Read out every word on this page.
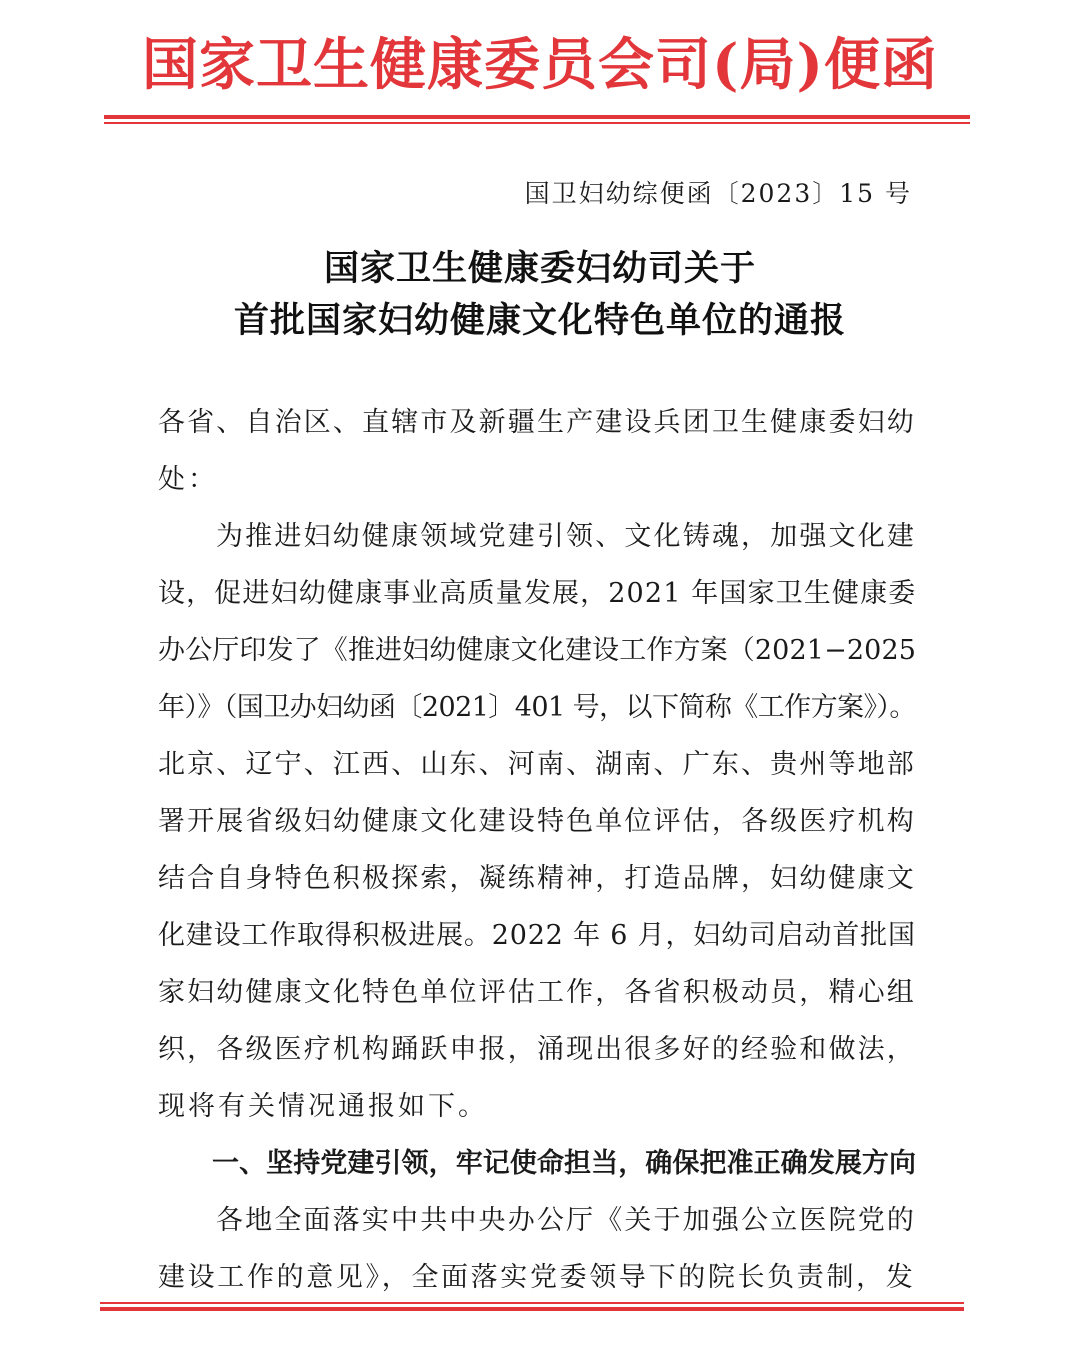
国家卫生健康委员会司(局)便函
国卫妇幼综便函〔2023〕15 号
国家卫生健康委妇幼司关于
首批国家妇幼健康文化特色单位的通报
各省、自治区、直辖市及新疆生产建设兵团卫生健康委妇幼
处：
为推进妇幼健康领域党建引领、文化铸魂，加强文化建
设，促进妇幼健康事业高质量发展，2021 年国家卫生健康委
办公厅印发了《推进妇幼健康文化建设工作方案（2021−2025
年）》（国卫办妇幼函〔2021〕401 号，以下简称《工作方案》）。
北京、辽宁、江西、山东、河南、湖南、广东、贵州等地部
署开展省级妇幼健康文化建设特色单位评估，各级医疗机构
结合自身特色积极探索，凝练精神，打造品牌，妇幼健康文
化建设工作取得积极进展。2022 年 6 月，妇幼司启动首批国
家妇幼健康文化特色单位评估工作，各省积极动员，精心组
织，各级医疗机构踊跃申报，涌现出很多好的经验和做法，
现将有关情况通报如下。
一、坚持党建引领，牢记使命担当，确保把准正确发展方向
各地全面落实中共中央办公厅《关于加强公立医院党的
建设工作的意见》，全面落实党委领导下的院长负责制，发
